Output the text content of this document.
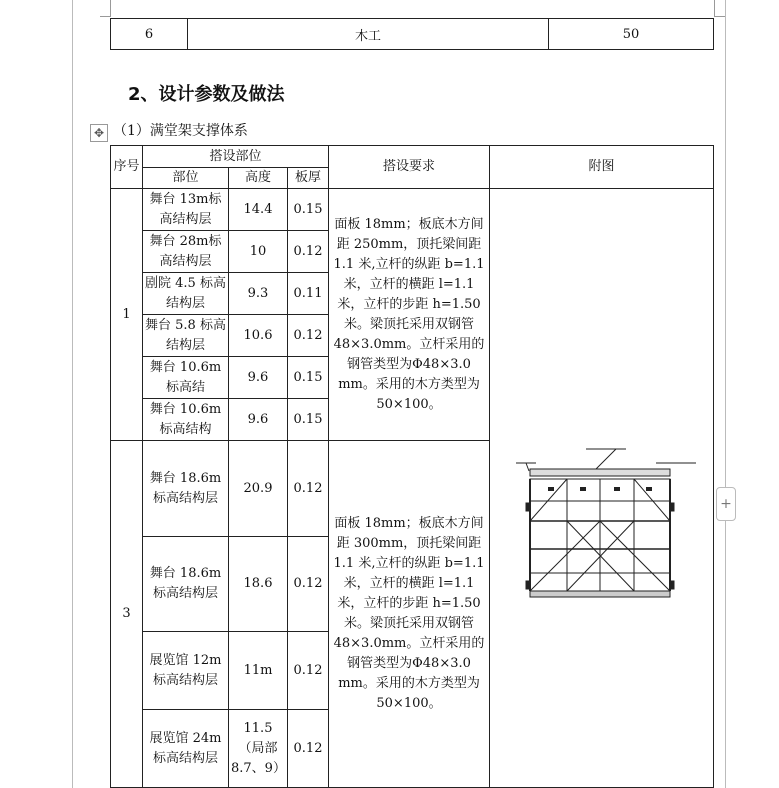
6	木工	50
2、设计参数及做法
✥ （1）满堂架支撑体系
+
序号	搭设部位			搭设要求	附图
	部位	高度	板厚		
1	舞台 13m标高结构层	14.4	0.15	面板 18mm；板底木方间距 250mm，顶托梁间距 1.1 米,立杆的纵距 b=1.1 米，立杆的横距 l=1.1 米，立杆的步距 h=1.50 米。梁顶托采用双钢管 48×3.0mm。立杆采用的钢管类型为Φ48×3.0 mm。采用的木方类型为 50×100。	

	舞台 28m标高结构层	10	0.12		
	剧院 4.5 标高结构层	9.3	0.11		
	舞台 5.8 标高结构层	10.6	0.12		
	舞台 10.6m标高结	9.6	0.15		
	舞台 10.6m标高结构	9.6	0.15		
3	舞台 18.6m标高结构层	20.9	0.12	面板 18mm；板底木方间距 300mm，顶托梁间距 1.1 米,立杆的纵距 b=1.1 米，立杆的横距 l=1.1 米，立杆的步距 h=1.50 米。梁顶托采用双钢管 48×3.0mm。立杆采用的钢管类型为Φ48×3.0 mm。采用的木方类型为 50×100。	
	舞台 18.6m标高结构层	18.6	0.12		
	展览馆 12m标高结构层	11m	0.12		
	展览馆 24m标高结构层	11.5（局部 8.7、9）	0.12		
